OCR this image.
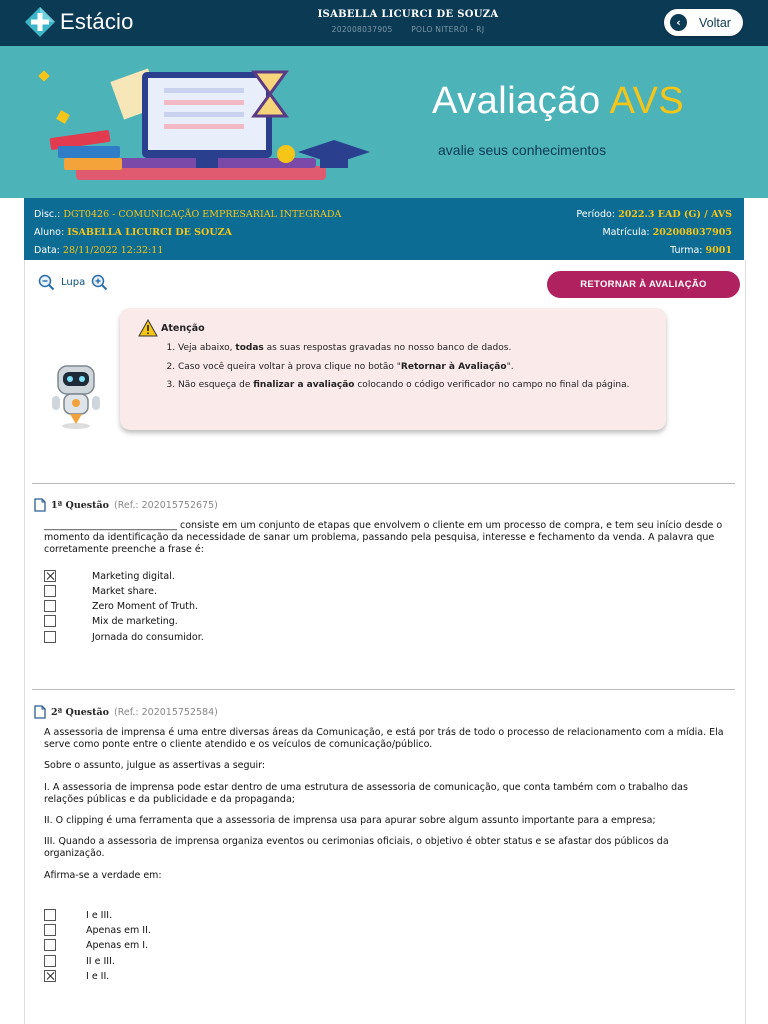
Estácio	ISABELLA LICURCI DE SOUZA
202008037905 POLO NITERÓI - RJ
‹	Voltar
Avaliação AVS
avalie seus conhecimentos
Disc.: DGT0426 - COMUNICAÇÃO EMPRESARIAL INTEGRADA
Aluno: ISABELLA LICURCI DE SOUZA
Data: 28/11/2022 12:32:11
Período: 2022.3 EAD (G) / AVS
Matrícula: 202008037905
Turma: 9001
Lupa	RETORNAR À AVALIAÇÃO
Atenção
1. Veja abaixo, todas as suas respostas gravadas no nosso banco de dados.
2. Caso você queira voltar à prova clique no botão "Retornar à Avaliação".
3. Não esqueça de finalizar a avaliação colocando o código verificador no campo no final da página.
1ª Questão (Ref.: 202015752675)

____________________________ consiste em um conjunto de etapas que envolvem o cliente em um processo de compra, e tem seu início desde o momento da identificação da necessidade de sanar um problema, passando pela pesquisa, interesse e fechamento da venda. A palavra que corretamente preenche a frase é:

Marketing digital.
Market share.
Zero Moment of Truth.
Mix de marketing.
Jornada do consumidor.
2ª Questão (Ref.: 202015752584)

A assessoria de imprensa é uma entre diversas áreas da Comunicação, e está por trás de todo o processo de relacionamento com a mídia. Ela serve como ponte entre o cliente atendido e os veículos de comunicação/público.

Sobre o assunto, julgue as assertivas a seguir:

I. A assessoria de imprensa pode estar dentro de uma estrutura de assessoria de comunicação, que conta também com o trabalho das relações públicas e da publicidade e da propaganda;

II. O clipping é uma ferramenta que a assessoria de imprensa usa para apurar sobre algum assunto importante para a empresa;

III. Quando a assessoria de imprensa organiza eventos ou cerimonias oficiais, o objetivo é obter status e se afastar dos públicos da organização.

Afirma-se a verdade em:

I e III.
Apenas em II.
Apenas em I.
II e III.
I e II.
